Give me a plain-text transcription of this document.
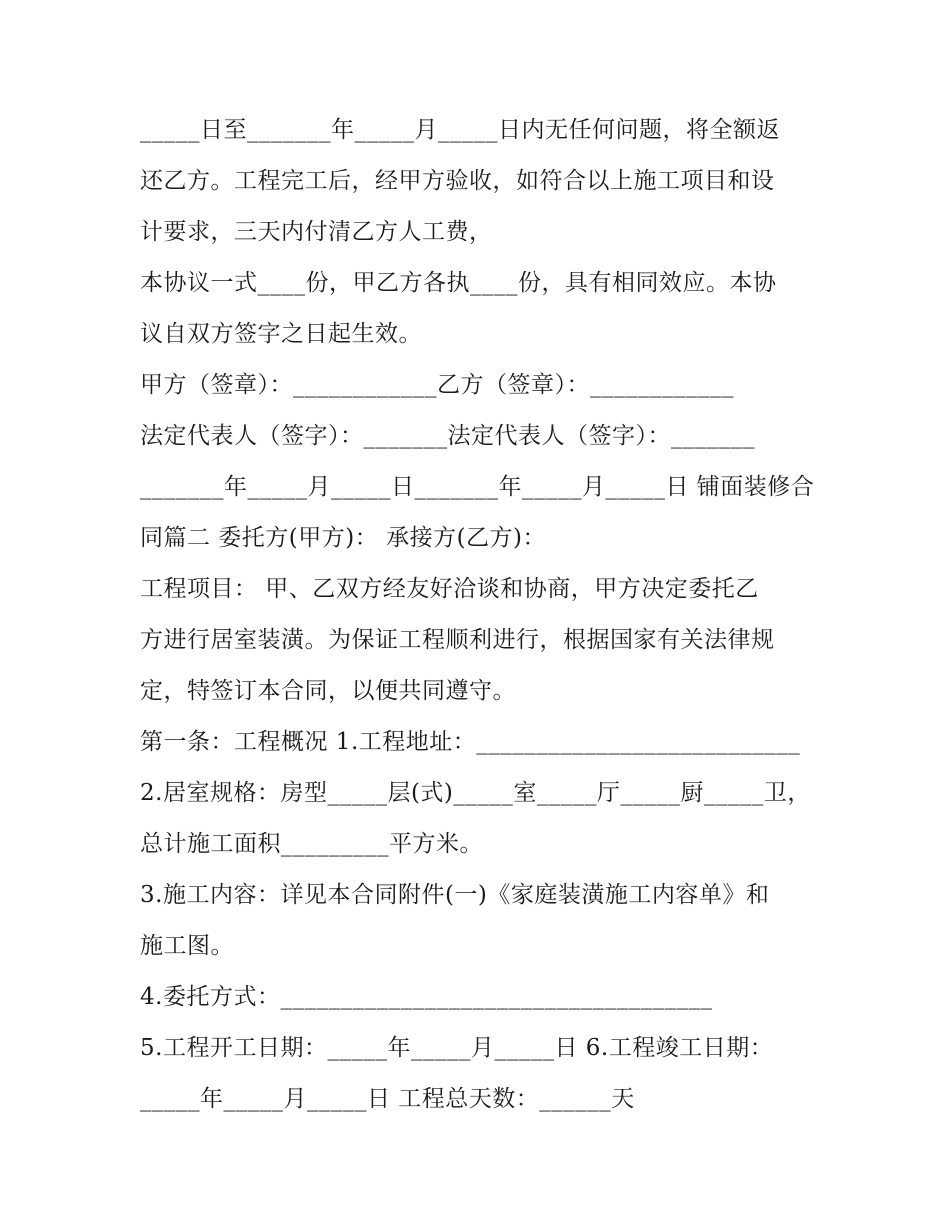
_____日至_______年_____月_____日内无任何问题，将全额返
还乙方。工程完工后，经甲方验收，如符合以上施工项目和设
计要求，三天内付清乙方人工费，
本协议一式____份，甲乙方各执____份，具有相同效应。本协
议自双方签字之日起生效。
甲方（签章）：____________乙方（签章）：____________
法定代表人（签字）：_______法定代表人（签字）：_______
_______年_____月_____日_______年_____月_____日 铺面装修合
同篇二 委托方(甲方)： 承接方(乙方)：
工程项目： 甲、乙双方经友好洽谈和协商，甲方决定委托乙
方进行居室装潢。为保证工程顺利进行，根据国家有关法律规
定，特签订本合同，以便共同遵守。
第一条：工程概况 1.工程地址：___________________________
2.居室规格：房型_____层(式)_____室_____厅_____厨_____卫，
总计施工面积_________平方米。
3.施工内容：详见本合同附件(一)《家庭装潢施工内容单》和
施工图。
4.委托方式：____________________________________
5.工程开工日期：_____年_____月_____日 6.工程竣工日期：
_____年_____月_____日 工程总天数：______天
